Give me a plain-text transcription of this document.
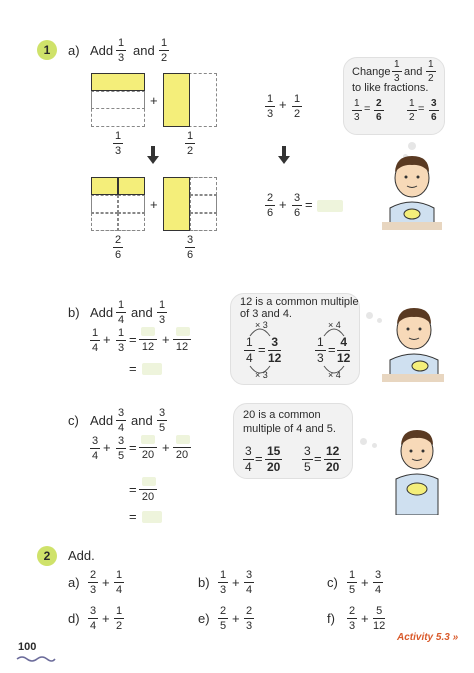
1	a) Add 1
3 and 1
2
+
1
3
1
2
1
3
+ 1
2
+
2
6
3
6
2
6
+ 3
6
=
Change
1
3
and
1
2
to like fractions.
1
3
= 2
6
1
2
= 3
6
b) Add 1
4 and 1
3
1
4
+ 1
3
= 12 + 12
=
12 is a common multiple
of 3 and 4.
× 3
× 3
× 4
× 4
1
4
= 3
12
1
3
= 4
12
c) Add 3
4 and 3
5
3
4
+ 3
5
= 20 + 20
= 20
=
20 is a common
multiple of 4 and 5.
3
4
= 15
20
3
5
= 12
20
2	Add.
a) 2
3 + 1
4	b) 1
3 + 3
4	c) 1
5 + 3
4
d) 3
4 + 1
2	e) 2
5 + 2
3	f) 2
3 + 5
12
100
Activity 5.3 »
